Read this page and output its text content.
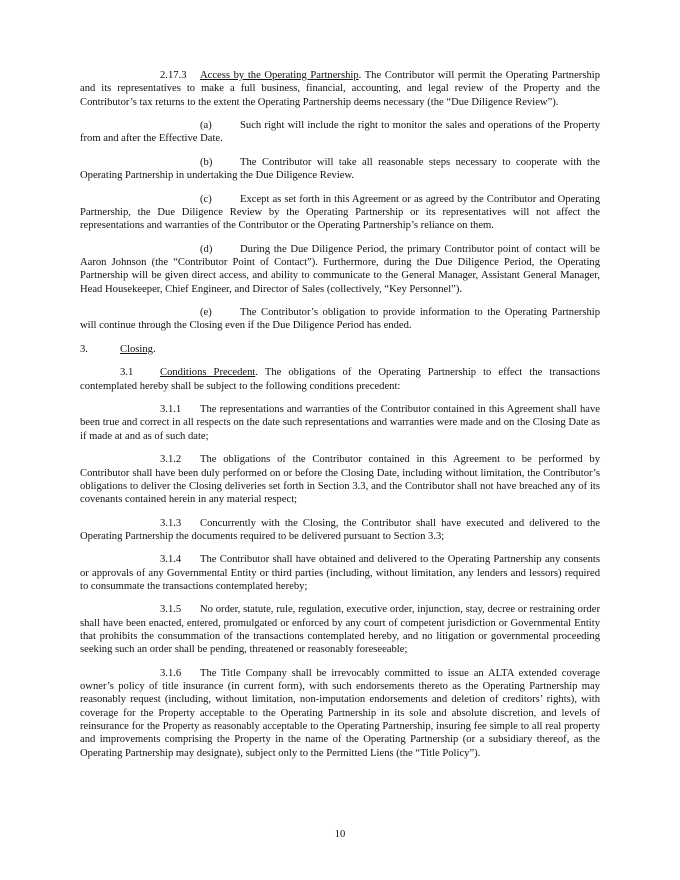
2.17.3 Access by the Operating Partnership. The Contributor will permit the Operating Partnership and its representatives to make a full business, financial, accounting, and legal review of the Property and the Contributor’s tax returns to the extent the Operating Partnership deems necessary (the “Due Diligence Review”).

(a)	Such right will include the right to monitor the sales and operations of the Property from and after the Effective Date.

(b)	The Contributor will take all reasonable steps necessary to cooperate with the Operating Partnership in undertaking the Due Diligence Review.

(c)	Except as set forth in this Agreement or as agreed by the Contributor and Operating Partnership, the Due Diligence Review by the Operating Partnership or its representatives will not affect the representations and warranties of the Contributor or the Operating Partnership’s reliance on them.

(d)	During the Due Diligence Period, the primary Contributor point of contact will be Aaron Johnson (the “Contributor Point of Contact”). Furthermore, during the Due Diligence Period, the Operating Partnership will be given direct access, and ability to communicate to the General Manager, Assistant General Manager, Head Housekeeper, Chief Engineer, and Director of Sales (collectively, “Key Personnel”).

(e)	The Contributor’s obligation to provide information to the Operating Partnership will continue through the Closing even if the Due Diligence Period has ended.

3.	Closing.

3.1	Conditions Precedent. The obligations of the Operating Partnership to effect the transactions contemplated hereby shall be subject to the following conditions precedent:

3.1.1 The representations and warranties of the Contributor contained in this Agreement shall have been true and correct in all respects on the date such representations and warranties were made and on the Closing Date as if made at and as of such date;

3.1.2 The obligations of the Contributor contained in this Agreement to be performed by Contributor shall have been duly performed on or before the Closing Date, including without limitation, the Contributor’s obligations to deliver the Closing deliveries set forth in Section 3.3, and the Contributor shall not have breached any of its covenants contained herein in any material respect;

3.1.3 Concurrently with the Closing, the Contributor shall have executed and delivered to the Operating Partnership the documents required to be delivered pursuant to Section 3.3;

3.1.4 The Contributor shall have obtained and delivered to the Operating Partnership any consents or approvals of any Governmental Entity or third parties (including, without limitation, any lenders and lessors) required to consummate the transactions contemplated hereby;

3.1.5 No order, statute, rule, regulation, executive order, injunction, stay, decree or restraining order shall have been enacted, entered, promulgated or enforced by any court of competent jurisdiction or Governmental Entity that prohibits the consummation of the transactions contemplated hereby, and no litigation or governmental proceeding seeking such an order shall be pending, threatened or reasonably foreseeable;

3.1.6 The Title Company shall be irrevocably committed to issue an ALTA extended coverage owner’s policy of title insurance (in current form), with such endorsements thereto as the Operating Partnership may reasonably request (including, without limitation, non-imputation endorsements and deletion of creditors’ rights), with coverage for the Property acceptable to the Operating Partnership in its sole and absolute discretion, and levels of reinsurance for the Property as reasonably acceptable to the Operating Partnership, insuring fee simple to all real property and improvements comprising the Property in the name of the Operating Partnership (or a subsidiary thereof, as the Operating Partnership may designate), subject only to the Permitted Liens (the “Title Policy”).

10
